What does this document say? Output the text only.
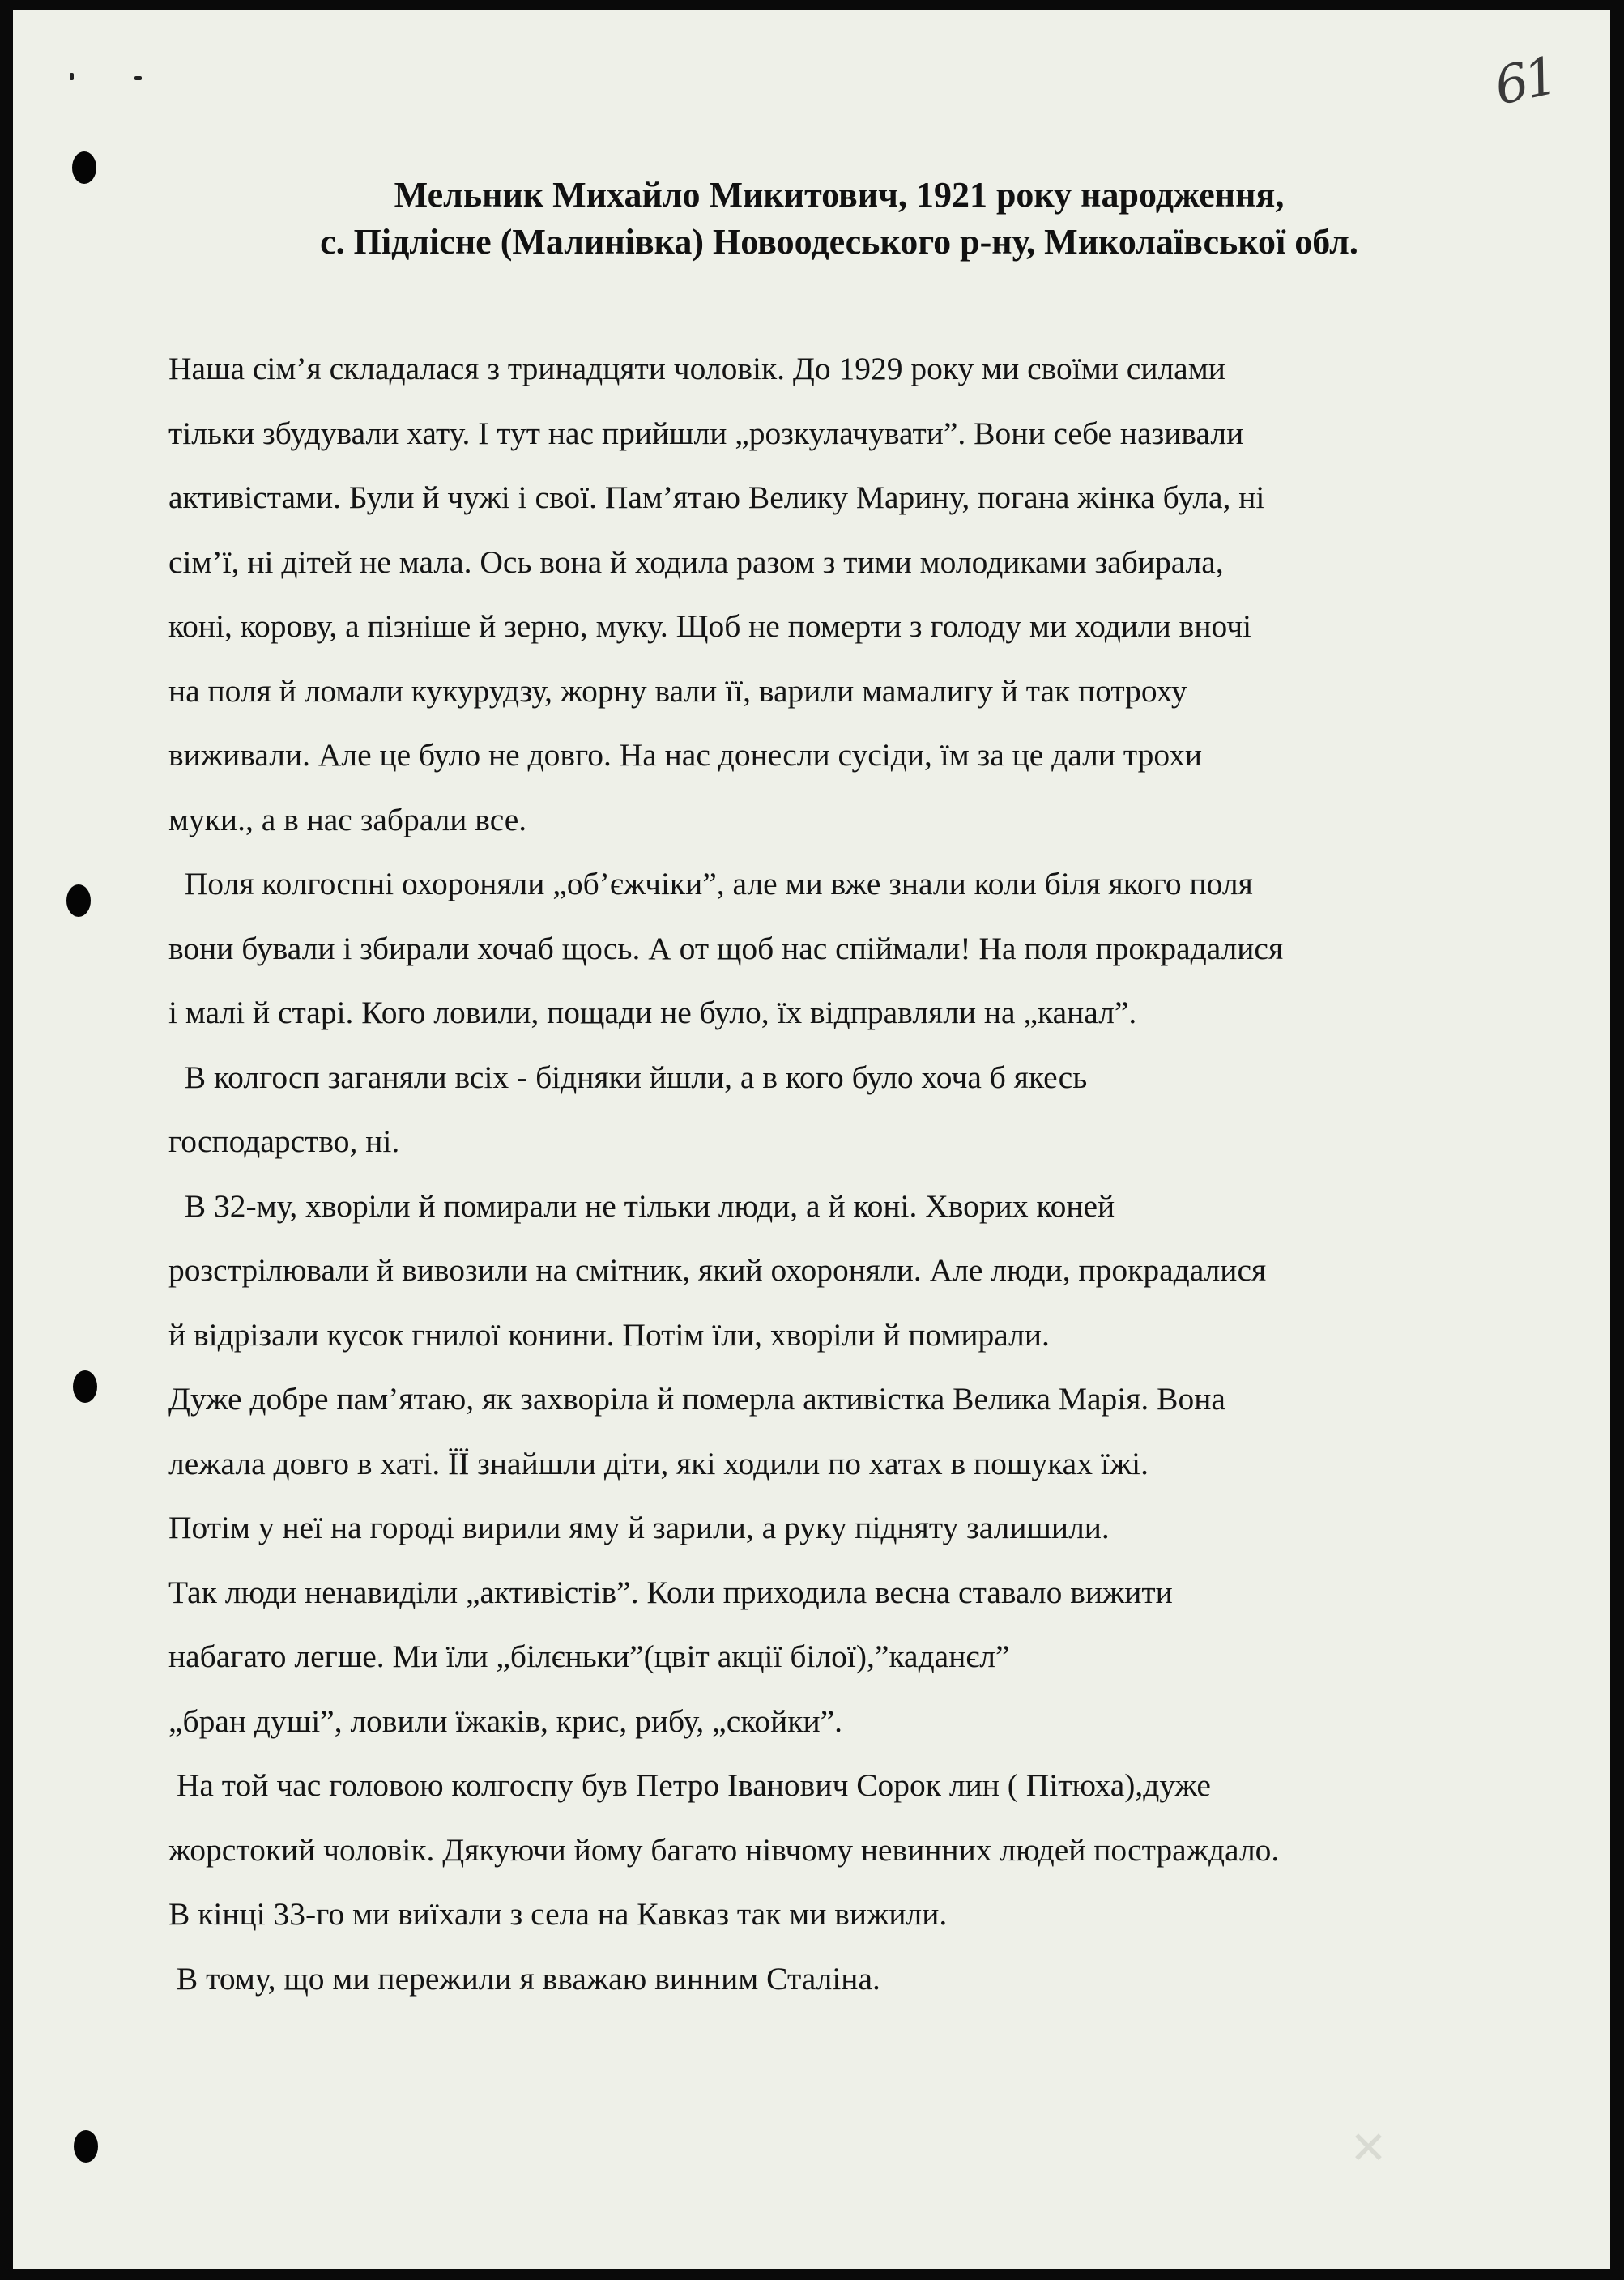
61
Мельник Михайло Микитович, 1921 року народження,
с. Підлісне (Малинівка) Новоодеського р-ну, Миколаївської обл.
Наша сім’я складалася з тринадцяти чоловік. До 1929 року ми своїми силами
тільки збудували хату. І тут нас прийшли „розкулачувати”. Вони себе називали
активістами. Були й чужі і свої. Пам’ятаю Велику Марину, погана жінка була, ні
сім’ї, ні дітей не мала. Ось вона й ходила разом з тими молодиками забирала,
коні, корову, а пізніше й зерно, муку. Щоб не померти з голоду ми ходили вночі
на поля й ломали кукурудзу, жорну вали її, варили мамалигу й так потроху
виживали. Але це було не довго. На нас донесли сусіди, їм за це дали трохи
муки., а в нас забрали все.
Поля колгоспні охороняли „об’єжчіки”, але ми вже знали коли біля якого поля
вони бували і збирали хочаб щось. А от щоб нас спіймали! На поля прокрадалися
і малі й старі. Кого ловили, пощади не було, їх відправляли на „канал”.
В колгосп заганяли всіх - бідняки йшли, а в кого було хоча б якесь
господарство, ні.
В 32-му, хворіли й помирали не тільки люди, а й коні. Хворих коней
розстрілювали й вивозили на смітник, який охороняли. Але люди, прокрадалися
й відрізали кусок гнилої конини. Потім їли, хворіли й помирали.
Дуже добре пам’ятаю, як захворіла й померла активістка Велика Марія. Вона
лежала довго в хаті. ЇЇ знайшли діти, які ходили по хатах в пошуках їжі.
Потім у неї на городі вирили яму й зарили, а руку підняту залишили.
Так люди ненавиділи „активістів”. Коли приходила весна ставало вижити
набагато легше. Ми їли „білєньки”(цвіт акції білої),”каданєл”
„бран душі”, ловили їжаків, крис, рибу, „скойки”.
На той час головою колгоспу був Петро Іванович Сорок лин ( Пітюха),дуже
жорстокий чоловік. Дякуючи йому багато нівчому невинних людей постраждало.
В кінці 33-го ми виїхали з села на Кавказ так ми вижили.
В тому, що ми пережили я вважаю винним Сталіна.
✕
